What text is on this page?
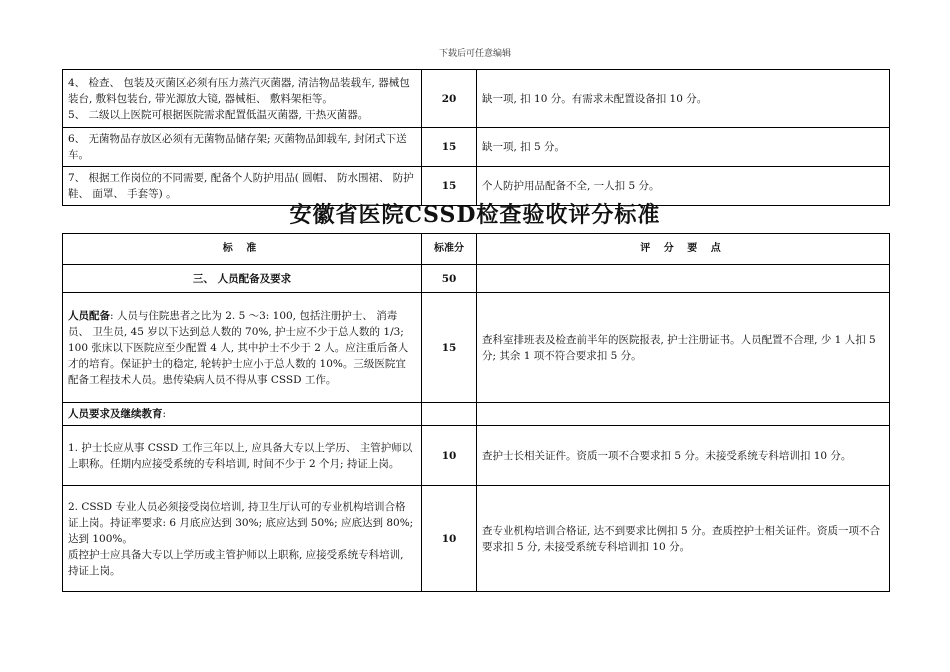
下载后可任意编辑
4、 检查、 包装及灭菌区必须有压力蒸汽灭菌器, 清洁物品装载车, 器械包装台, 敷料包装台, 带光源放大镜, 器械柜、 敷料架柜等。
5、 二级以上医院可根据医院需求配置低温灭菌器, 干热灭菌器。	20	缺一项, 扣 10 分。有需求未配置设备扣 10 分。

6、 无菌物品存放区必须有无菌物品储存架; 灭菌物品卸载车, 封闭式下送车。	15	缺一项, 扣 5 分。

7、 根据工作岗位的不同需要, 配备个人防护用品( 圆帽、 防水围裙、 防护鞋、 面罩、 手套等) 。	15	个人防护用品配备不全, 一人扣 5 分。
安徽省医院CSSD检查验收评分标准
标 准	标准分	评 分 要 点
三、 人员配备及要求	50	
人员配备: 人员与住院患者之比为 2. 5 ～3: 100, 包括注册护士、 消毒员、 卫生员, 45 岁以下达到总人数的 70%, 护士应不少于总人数的 1/3; 100 张床以下医院应至少配置 4 人, 其中护士不少于 2 人。应注重后备人才的培育。保证护士的稳定, 轮转护士应小于总人数的 10%。三级医院宜配备工程技术人员。患传染病人员不得从事 CSSD 工作。	15	查科室排班表及检查前半年的医院报表, 护士注册证书。人员配置不合理, 少 1 人扣 5 分; 其余 1 项不符合要求扣 5 分。
人员要求及继续教育:		
1. 护士长应从事 CSSD 工作三年以上, 应具备大专以上学历、 主管护师以上职称。任期内应接受系统的专科培训, 时间不少于 2 个月; 持证上岗。	10	查护士长相关证件。资质一项不合要求扣 5 分。未接受系统专科培训扣 10 分。

2. CSSD 专业人员必须接受岗位培训, 持卫生厅认可的专业机构培训合格证上岗。持证率要求: 6 月底应达到 30%; 底应达到 50%; 应底达到 80%; 达到 100%。
质控护士应具备大专以上学历或主管护师以上职称, 应接受系统专科培训, 持证上岗。	10	查专业机构培训合格证, 达不到要求比例扣 5 分。查质控护士相关证件。资质一项不合要求扣 5 分, 未接受系统专科培训扣 10 分。
